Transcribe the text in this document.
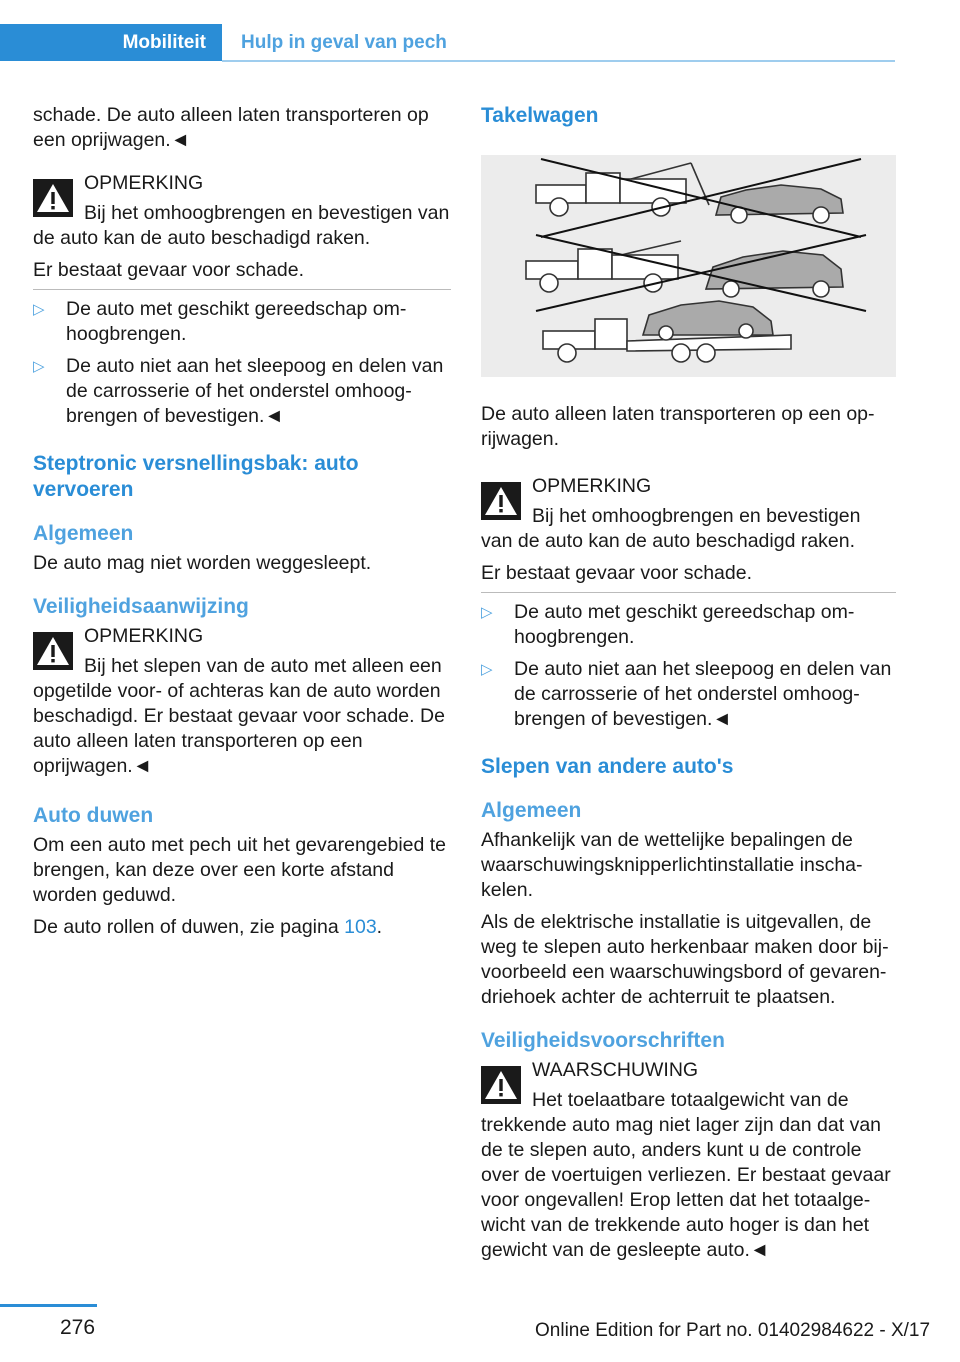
Mobiliteit Hulp in geval van pech

schade. De auto alleen laten transporteren op een oprijwagen.◄

OPMERKING
Bij het omhoogbrengen en bevestigen van de auto kan de auto beschadigd raken.

Er bestaat gevaar voor schade.

▷ De auto met geschikt gereedschap omhoogbrengen.
▷ De auto niet aan het sleepoog en delen van de carrosserie of het onderstel omhoogbrengen of bevestigen.◄
Steptronic versnellingsbak: auto vervoeren
Algemeen

De auto mag niet worden weggesleept.

Veiligheidsaanwijzing
OPMERKING
Bij het slepen van de auto met alleen een opgetilde voor- of achteras kan de auto worden beschadigd. Er bestaat gevaar voor schade. De auto alleen laten transporteren op een oprijwagen.◄
Auto duwen

Om een auto met pech uit het gevarengebied te brengen, kan deze over een korte afstand worden geduwd.

De auto rollen of duwen, zie pagina 103.

Takelwagen

De auto alleen laten transporteren op een oprijwagen.

OPMERKING
Bij het omhoogbrengen en bevestigen van de auto kan de auto beschadigd raken.

Er bestaat gevaar voor schade.

▷ De auto met geschikt gereedschap omhoogbrengen.
▷ De auto niet aan het sleepoog en delen van de carrosserie of het onderstel omhoogbrengen of bevestigen.◄
Slepen van andere auto's
Algemeen

Afhankelijk van de wettelijke bepalingen de waarschuwingsknipperlichtinstallatie inschakelen.

Als de elektrische installatie is uitgevallen, de weg te slepen auto herkenbaar maken door bijvoorbeeld een waarschuwingsbord of gevarendriehoek achter de achterruit te plaatsen.

Veiligheidsvoorschriften
WAARSCHUWING
Het toelaatbare totaalgewicht van de trekkende auto mag niet lager zijn dan dat van de te slepen auto, anders kunt u de controle over de voertuigen verliezen. Er bestaat gevaar voor ongevallen! Erop letten dat het totaalgewicht van de trekkende auto hoger is dan het gewicht van de gesleepte auto.◄
276	Online Edition for Part no. 01402984622 - X/17
